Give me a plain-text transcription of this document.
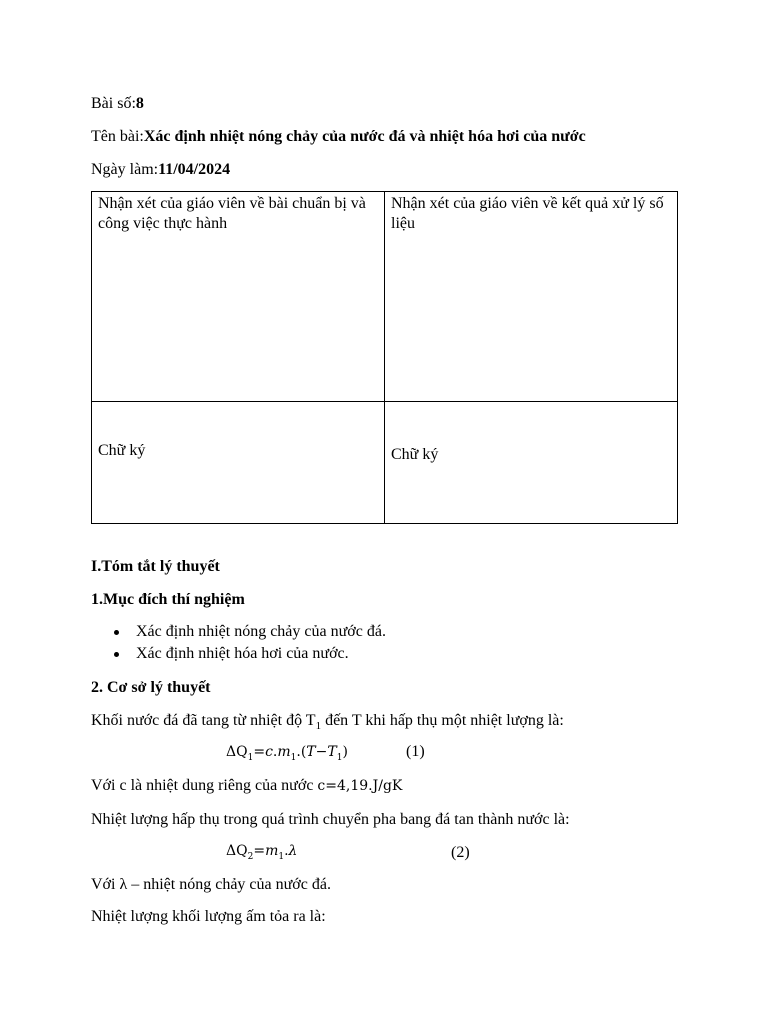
Bài số:8
Tên bài:Xác định nhiệt nóng chảy của nước đá và nhiệt hóa hơi của nước
Ngày làm:11/04/2024
Nhận xét của giáo viên về bài chuẩn bị và công việc thực hành	Nhận xét của giáo viên về kết quả xử lý số liệu

Chữ ký	Chữ ký
I.Tóm tắt lý thuyết
1.Mục đích thí nghiệm
Xác định nhiệt nóng chảy của nước đá.
Xác định nhiệt hóa hơi của nước.
2. Cơ sở lý thuyết
Khối nước đá đã tang từ nhiệt độ $T_1$ đến T khi hấp thụ một nhiệt lượng là:
$\Delta Q_1=c.m_1.(T-T_1)$	(1)
Với c là nhiệt dung riêng của nước c=4,19.J/gK
Nhiệt lượng hấp thụ trong quá trình chuyển pha bang đá tan thành nước là:
$\Delta Q_2=m_1.\lambda$	(2)
Với λ – nhiệt nóng chảy của nước đá.
Nhiệt lượng khối lượng ấm tỏa ra là:
